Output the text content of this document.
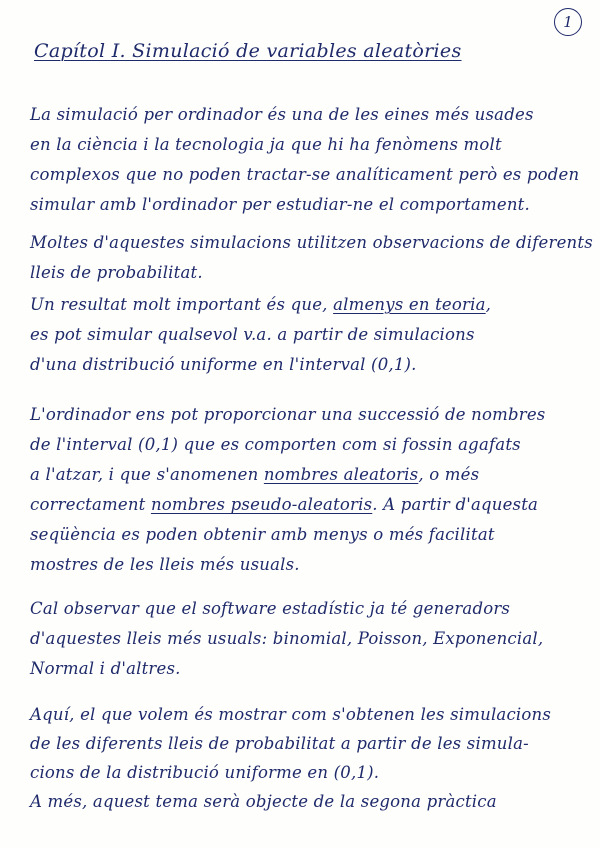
1
Capítol I. Simulació de variables aleatòries
La simulació per ordinador és una de les eines més usades
en la ciència i la tecnologia ja que hi ha fenòmens molt
complexos que no poden tractar-se analíticament però es poden
simular amb l'ordinador per estudiar-ne el comportament.
Moltes d'aquestes simulacions utilitzen observacions de diferents
lleis de probabilitat.
Un resultat molt important és que, almenys en teoria,
es pot simular qualsevol v.a. a partir de simulacions
d'una distribució uniforme en l'interval (0,1).
L'ordinador ens pot proporcionar una successió de nombres
de l'interval (0,1) que es comporten com si fossin agafats
a l'atzar, i que s'anomenen nombres aleatoris, o més
correctament nombres pseudo-aleatoris. A partir d'aquesta
seqüència es poden obtenir amb menys o més facilitat
mostres de les lleis més usuals.
Cal observar que el software estadístic ja té generadors
d'aquestes lleis més usuals: binomial, Poisson, Exponencial,
Normal i d'altres.
Aquí, el que volem és mostrar com s'obtenen les simulacions
de les diferents lleis de probabilitat a partir de les simula-
cions de la distribució uniforme en (0,1).
A més, aquest tema serà objecte de la segona pràctica
